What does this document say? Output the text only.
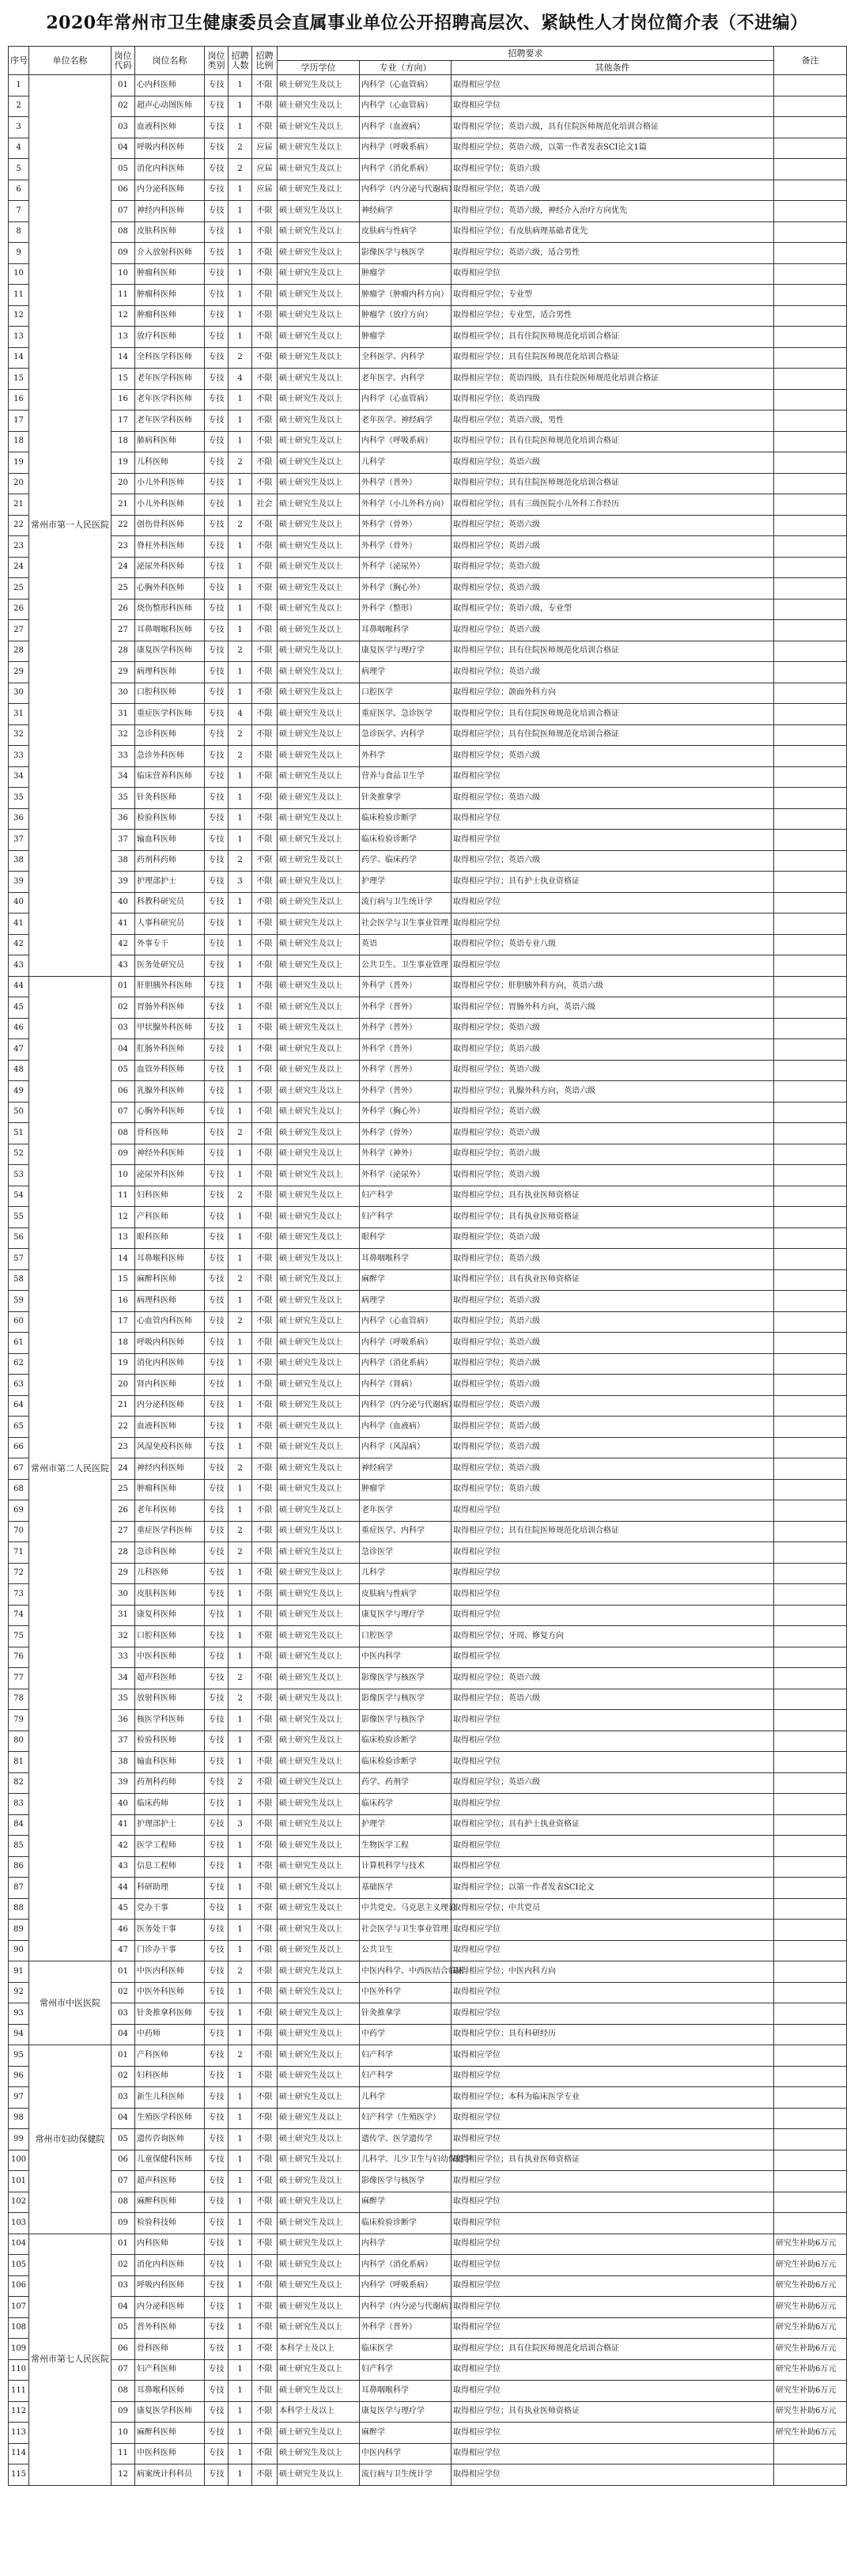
2020年常州市卫生健康委员会直属事业单位公开招聘高层次、紧缺性人才岗位简介表（不进编）
序号	单位名称	岗位代码	岗位名称	岗位类别	招聘人数	招聘比例	招聘要求			备注
							学历学位	专业（方向）	其他条件	
1	常州市第一人民医院	01	心内科医师	专技	1	不限	硕士研究生及以上	内科学（心血管病）	取得相应学位	
2		02	超声心动图医师	专技	1	不限	硕士研究生及以上	内科学（心血管病）	取得相应学位	
3		03	血液科医师	专技	1	不限	硕士研究生及以上	内科学（血液病）	取得相应学位；英语六级，具有住院医师规范化培训合格证	
4		04	呼吸内科医师	专技	2	应届	硕士研究生及以上	内科学（呼吸系病）	取得相应学位；英语六级，以第一作者发表SCI论文1篇	
5		05	消化内科医师	专技	2	应届	硕士研究生及以上	内科学（消化系病）	取得相应学位；英语六级	
6		06	内分泌科医师	专技	1	应届	硕士研究生及以上	内科学（内分泌与代谢病）	取得相应学位；英语六级	
7		07	神经内科医师	专技	1	不限	硕士研究生及以上	神经病学	取得相应学位；英语六级，神经介入治疗方向优先	
8		08	皮肤科医师	专技	1	不限	硕士研究生及以上	皮肤病与性病学	取得相应学位；有皮肤病理基础者优先	
9		09	介入放射科医师	专技	1	不限	硕士研究生及以上	影像医学与核医学	取得相应学位；英语六级，适合男性	
10		10	肿瘤科医师	专技	1	不限	硕士研究生及以上	肿瘤学	取得相应学位	
11		11	肿瘤科医师	专技	1	不限	硕士研究生及以上	肿瘤学（肿瘤内科方向）	取得相应学位；专业型	
12		12	肿瘤科医师	专技	1	不限	硕士研究生及以上	肿瘤学（放疗方向）	取得相应学位；专业型，适合男性	
13		13	放疗科医师	专技	1	不限	硕士研究生及以上	肿瘤学	取得相应学位；具有住院医师规范化培训合格证	
14		14	全科医学科医师	专技	2	不限	硕士研究生及以上	全科医学、内科学	取得相应学位；具有住院医师规范化培训合格证	
15		15	老年医学科医师	专技	4	不限	硕士研究生及以上	老年医学、内科学	取得相应学位；英语四级，具有住院医师规范化培训合格证	
16		16	老年医学科医师	专技	1	不限	硕士研究生及以上	内科学（心血管病）	取得相应学位；英语四级	
17		17	老年医学科医师	专技	1	不限	硕士研究生及以上	老年医学、神经病学	取得相应学位；英语六级，男性	
18		18	肺病科医师	专技	1	不限	硕士研究生及以上	内科学（呼吸系病）	取得相应学位；具有住院医师规范化培训合格证	
19		19	儿科医师	专技	2	不限	硕士研究生及以上	儿科学	取得相应学位；英语六级	
20		20	小儿外科医师	专技	1	不限	硕士研究生及以上	外科学（普外）	取得相应学位；具有住院医师规范化培训合格证	
21		21	小儿外科医师	专技	1	社会	硕士研究生及以上	外科学（小儿外科方向）	取得相应学位；具有三级医院小儿外科工作经历	
22		22	创伤骨科医师	专技	2	不限	硕士研究生及以上	外科学（骨外）	取得相应学位；英语六级	
23		23	脊柱外科医师	专技	1	不限	硕士研究生及以上	外科学（骨外）	取得相应学位；英语六级	
24		24	泌尿外科医师	专技	1	不限	硕士研究生及以上	外科学（泌尿外）	取得相应学位；英语六级	
25		25	心胸外科医师	专技	1	不限	硕士研究生及以上	外科学（胸心外）	取得相应学位；英语六级	
26		26	烧伤整形科医师	专技	1	不限	硕士研究生及以上	外科学（整形）	取得相应学位；英语六级，专业型	
27		27	耳鼻咽喉科医师	专技	1	不限	硕士研究生及以上	耳鼻咽喉科学	取得相应学位；英语六级	
28		28	康复医学科医师	专技	2	不限	硕士研究生及以上	康复医学与理疗学	取得相应学位；具有住院医师规范化培训合格证	
29		29	病理科医师	专技	1	不限	硕士研究生及以上	病理学	取得相应学位；英语六级	
30		30	口腔科医师	专技	1	不限	硕士研究生及以上	口腔医学	取得相应学位；颌面外科方向	
31		31	重症医学科医师	专技	4	不限	硕士研究生及以上	重症医学、急诊医学	取得相应学位；具有住院医师规范化培训合格证	
32		32	急诊科医师	专技	2	不限	硕士研究生及以上	急诊医学、内科学	取得相应学位；具有住院医师规范化培训合格证	
33		33	急诊外科医师	专技	2	不限	硕士研究生及以上	外科学	取得相应学位；英语六级	
34		34	临床营养科医师	专技	1	不限	硕士研究生及以上	营养与食品卫生学	取得相应学位	
35		35	针灸科医师	专技	1	不限	硕士研究生及以上	针灸推拿学	取得相应学位；英语六级	
36		36	检验科医师	专技	1	不限	硕士研究生及以上	临床检验诊断学	取得相应学位	
37		37	输血科医师	专技	1	不限	硕士研究生及以上	临床检验诊断学	取得相应学位	
38		38	药剂科药师	专技	2	不限	硕士研究生及以上	药学、临床药学	取得相应学位；英语六级	
39		39	护理部护士	专技	3	不限	硕士研究生及以上	护理学	取得相应学位；具有护士执业资格证	
40		40	科教科研究员	专技	1	不限	硕士研究生及以上	流行病与卫生统计学	取得相应学位	
41		41	人事科研究员	专技	1	不限	硕士研究生及以上	社会医学与卫生事业管理	取得相应学位	
42		42	外事专干	专技	1	不限	硕士研究生及以上	英语	取得相应学位；英语专业八级	
43		43	医务处研究员	专技	1	不限	硕士研究生及以上	公共卫生、卫生事业管理	取得相应学位	
44	常州市第二人民医院	01	肝胆胰外科医师	专技	1	不限	硕士研究生及以上	外科学（普外）	取得相应学位；肝胆胰外科方向，英语六级	
45		02	胃肠外科医师	专技	1	不限	硕士研究生及以上	外科学（普外）	取得相应学位；胃肠外科方向，英语六级	
46		03	甲状腺外科医师	专技	1	不限	硕士研究生及以上	外科学（普外）	取得相应学位；英语六级	
47		04	肛肠外科医师	专技	1	不限	硕士研究生及以上	外科学（普外）	取得相应学位；英语六级	
48		05	血管外科医师	专技	1	不限	硕士研究生及以上	外科学（普外）	取得相应学位；英语六级	
49		06	乳腺外科医师	专技	1	不限	硕士研究生及以上	外科学（普外）	取得相应学位；乳腺外科方向，英语六级	
50		07	心胸外科医师	专技	1	不限	硕士研究生及以上	外科学（胸心外）	取得相应学位；英语六级	
51		08	骨科医师	专技	2	不限	硕士研究生及以上	外科学（骨外）	取得相应学位；英语六级	
52		09	神经外科医师	专技	1	不限	硕士研究生及以上	外科学（神外）	取得相应学位；英语六级	
53		10	泌尿外科医师	专技	1	不限	硕士研究生及以上	外科学（泌尿外）	取得相应学位；英语六级	
54		11	妇科医师	专技	2	不限	硕士研究生及以上	妇产科学	取得相应学位；具有执业医师资格证	
55		12	产科医师	专技	1	不限	硕士研究生及以上	妇产科学	取得相应学位；具有执业医师资格证	
56		13	眼科医师	专技	1	不限	硕士研究生及以上	眼科学	取得相应学位；英语六级	
57		14	耳鼻喉科医师	专技	1	不限	硕士研究生及以上	耳鼻咽喉科学	取得相应学位；英语六级	
58		15	麻醉科医师	专技	2	不限	硕士研究生及以上	麻醉学	取得相应学位；具有执业医师资格证	
59		16	病理科医师	专技	1	不限	硕士研究生及以上	病理学	取得相应学位；英语六级	
60		17	心血管内科医师	专技	2	不限	硕士研究生及以上	内科学（心血管病）	取得相应学位；英语六级	
61		18	呼吸内科医师	专技	1	不限	硕士研究生及以上	内科学（呼吸系病）	取得相应学位；英语六级	
62		19	消化内科医师	专技	1	不限	硕士研究生及以上	内科学（消化系病）	取得相应学位；英语六级	
63		20	肾内科医师	专技	1	不限	硕士研究生及以上	内科学（肾病）	取得相应学位；英语六级	
64		21	内分泌科医师	专技	1	不限	硕士研究生及以上	内科学（内分泌与代谢病）	取得相应学位；英语六级	
65		22	血液科医师	专技	1	不限	硕士研究生及以上	内科学（血液病）	取得相应学位；英语六级	
66		23	风湿免疫科医师	专技	1	不限	硕士研究生及以上	内科学（风湿病）	取得相应学位；英语六级	
67		24	神经内科医师	专技	2	不限	硕士研究生及以上	神经病学	取得相应学位；英语六级	
68		25	肿瘤科医师	专技	1	不限	硕士研究生及以上	肿瘤学	取得相应学位；英语六级	
69		26	老年科医师	专技	1	不限	硕士研究生及以上	老年医学	取得相应学位	
70		27	重症医学科医师	专技	2	不限	硕士研究生及以上	重症医学、内科学	取得相应学位；具有住院医师规范化培训合格证	
71		28	急诊科医师	专技	2	不限	硕士研究生及以上	急诊医学	取得相应学位	
72		29	儿科医师	专技	1	不限	硕士研究生及以上	儿科学	取得相应学位	
73		30	皮肤科医师	专技	1	不限	硕士研究生及以上	皮肤病与性病学	取得相应学位	
74		31	康复科医师	专技	1	不限	硕士研究生及以上	康复医学与理疗学	取得相应学位	
75		32	口腔科医师	专技	1	不限	硕士研究生及以上	口腔医学	取得相应学位；牙周、修复方向	
76		33	中医科医师	专技	1	不限	硕士研究生及以上	中医内科学	取得相应学位	
77		34	超声科医师	专技	2	不限	硕士研究生及以上	影像医学与核医学	取得相应学位；英语六级	
78		35	放射科医师	专技	2	不限	硕士研究生及以上	影像医学与核医学	取得相应学位；英语六级	
79		36	核医学科医师	专技	1	不限	硕士研究生及以上	影像医学与核医学	取得相应学位	
80		37	检验科医师	专技	1	不限	硕士研究生及以上	临床检验诊断学	取得相应学位	
81		38	输血科医师	专技	1	不限	硕士研究生及以上	临床检验诊断学	取得相应学位	
82		39	药剂科药师	专技	2	不限	硕士研究生及以上	药学、药剂学	取得相应学位；英语六级	
83		40	临床药师	专技	1	不限	硕士研究生及以上	临床药学	取得相应学位	
84		41	护理部护士	专技	3	不限	硕士研究生及以上	护理学	取得相应学位；具有护士执业资格证	
85		42	医学工程师	专技	1	不限	硕士研究生及以上	生物医学工程	取得相应学位	
86		43	信息工程师	专技	1	不限	硕士研究生及以上	计算机科学与技术	取得相应学位	
87		44	科研助理	专技	1	不限	硕士研究生及以上	基础医学	取得相应学位；以第一作者发表SCI论文	
88		45	党办干事	专技	1	不限	硕士研究生及以上	中共党史、马克思主义理论	取得相应学位；中共党员	
89		46	医务处干事	专技	1	不限	硕士研究生及以上	社会医学与卫生事业管理	取得相应学位	
90		47	门诊办干事	专技	1	不限	硕士研究生及以上	公共卫生	取得相应学位	
91	常州市中医医院	01	中医内科医师	专技	2	不限	硕士研究生及以上	中医内科学、中西医结合临床	取得相应学位；中医内科方向	
92		02	中医外科医师	专技	1	不限	硕士研究生及以上	中医外科学	取得相应学位	
93		03	针灸推拿科医师	专技	1	不限	硕士研究生及以上	针灸推拿学	取得相应学位	
94		04	中药师	专技	1	不限	硕士研究生及以上	中药学	取得相应学位；具有科研经历	
95	常州市妇幼保健院	01	产科医师	专技	2	不限	硕士研究生及以上	妇产科学	取得相应学位	
96		02	妇科医师	专技	1	不限	硕士研究生及以上	妇产科学	取得相应学位	
97		03	新生儿科医师	专技	1	不限	硕士研究生及以上	儿科学	取得相应学位；本科为临床医学专业	
98		04	生殖医学科医师	专技	1	不限	硕士研究生及以上	妇产科学（生殖医学）	取得相应学位	
99		05	遗传咨询医师	专技	1	不限	硕士研究生及以上	遗传学、医学遗传学	取得相应学位	
100		06	儿童保健科医师	专技	1	不限	硕士研究生及以上	儿科学、儿少卫生与妇幼保健学	取得相应学位；具有执业医师资格证	
101		07	超声科医师	专技	1	不限	硕士研究生及以上	影像医学与核医学	取得相应学位	
102		08	麻醉科医师	专技	1	不限	硕士研究生及以上	麻醉学	取得相应学位	
103		09	检验科技师	专技	1	不限	硕士研究生及以上	临床检验诊断学	取得相应学位	
104	常州市第七人民医院	01	内科医师	专技	1	不限	硕士研究生及以上	内科学	取得相应学位	研究生补助6万元
105		02	消化内科医师	专技	1	不限	硕士研究生及以上	内科学（消化系病）	取得相应学位	研究生补助6万元
106		03	呼吸内科医师	专技	1	不限	硕士研究生及以上	内科学（呼吸系病）	取得相应学位	研究生补助6万元
107		04	内分泌科医师	专技	1	不限	硕士研究生及以上	内科学（内分泌与代谢病）	取得相应学位	研究生补助6万元
108		05	普外科医师	专技	1	不限	硕士研究生及以上	外科学（普外）	取得相应学位	研究生补助6万元
109		06	骨科医师	专技	1	不限	本科学士及以上	临床医学	取得相应学位；具有住院医师规范化培训合格证	研究生补助6万元
110		07	妇产科医师	专技	1	不限	硕士研究生及以上	妇产科学	取得相应学位	研究生补助6万元
111		08	耳鼻喉科医师	专技	1	不限	硕士研究生及以上	耳鼻咽喉科学	取得相应学位	研究生补助6万元
112		09	康复医学科医师	专技	1	不限	本科学士及以上	康复医学与理疗学	取得相应学位；具有执业医师资格证	研究生补助6万元
113		10	麻醉科医师	专技	1	不限	硕士研究生及以上	麻醉学	取得相应学位	研究生补助6万元
114		11	中医科医师	专技	1	不限	硕士研究生及以上	中医内科学	取得相应学位	
115		12	病案统计科科员	专技	1	不限	硕士研究生及以上	流行病与卫生统计学	取得相应学位	
